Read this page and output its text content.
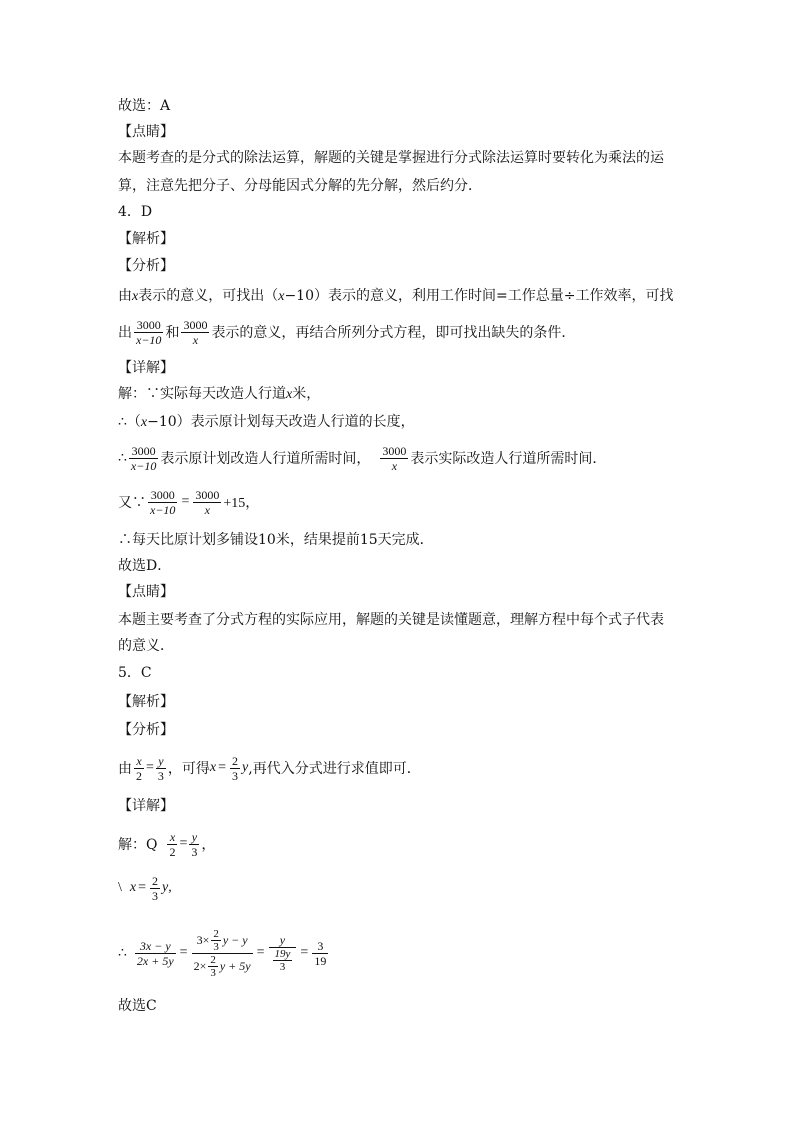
故选：A
【点睛】
本题考查的是分式的除法运算，解题的关键是掌握进行分式除法运算时要转化为乘法的运
算，注意先把分子、分母能因式分解的先分解，然后约分．
4．D
【解析】
【分析】
由x表示的意义，可找出（x−10）表示的意义，利用工作时间=工作总量÷工作效率，可找
出 $\frac{3000}{x-10}$ 和 $\frac{3000}{x}$ 表示的意义，再结合所列分式方程，即可找出缺失的条件．
【详解】
解：∵实际每天改造人行道x米，
∴（x−10）表示原计划每天改造人行道的长度，
∴ $\frac{3000}{x-10}$ 表示原计划改造人行道所需时间， $\frac{3000}{x}$ 表示实际改造人行道所需时间．
又∵ $\frac{3000}{x-10} = \frac{3000}{x} +15$，
∴每天比原计划多铺设10米，结果提前15天完成．
故选D．
【点睛】
本题主要考查了分式方程的实际应用，解题的关键是读懂题意，理解方程中每个式子代表
的意义．
5．C
【解析】
【分析】
由 $\frac{x}{2} = \frac{y}{3}$ ，可得 $x = \frac{2}{3}$ y ,再代入分式进行求值即可．
【详解】
解：Q $\frac{x}{2} = \frac{y}{3}$ ，
\ $x = \frac{2}{3}$ y ,
∴ $\frac{3x - y}{2x + 5y} = \frac{3\times \frac{2}{3} y - y}{2\times \frac{2}{3} y + 5y} = \frac{y}{\frac{19y}{3}} = \frac{3}{19}$
故选C
